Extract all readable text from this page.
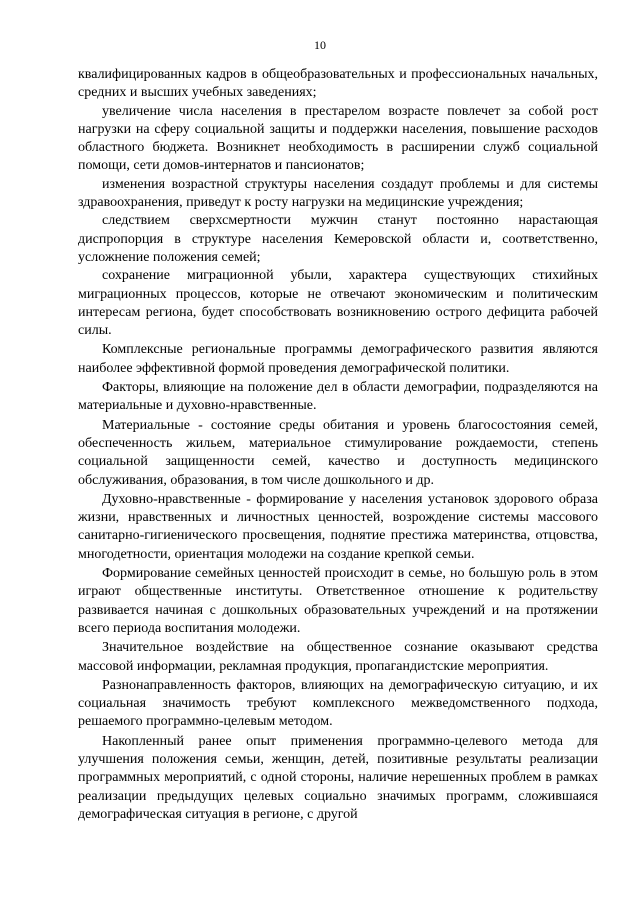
10

квалифицированных кадров в общеобразовательных и профессиональных начальных, средних и высших учебных заведениях;

увеличение числа населения в престарелом возрасте повлечет за собой рост нагрузки на сферу социальной защиты и поддержки населения, повышение расходов областного бюджета. Возникнет необходимость в расширении служб социальной помощи, сети домов-интернатов и пансионатов;

изменения возрастной структуры населения создадут проблемы и для системы здравоохранения, приведут к росту нагрузки на медицинские учреждения;

следствием сверхсмертности мужчин станут постоянно нарастающая диспропорция в структуре населения Кемеровской области и, соответственно, усложнение положения семей;

сохранение миграционной убыли, характера существующих стихийных миграционных процессов, которые не отвечают экономическим и политическим интересам региона, будет способствовать возникновению острого дефицита рабочей силы.

Комплексные региональные программы демографического развития являются наиболее эффективной формой проведения демографической политики.

Факторы, влияющие на положение дел в области демографии, подразделяются на материальные и духовно-нравственные.

Материальные - состояние среды обитания и уровень благосостояния семей, обеспеченность жильем, материальное стимулирование рождаемости, степень социальной защищенности семей, качество и доступность медицинского обслуживания, образования, в том числе дошкольного и др.

Духовно-нравственные - формирование у населения установок здорового образа жизни, нравственных и личностных ценностей, возрождение системы массового санитарно-гигиенического просвещения, поднятие престижа материнства, отцовства, многодетности, ориентация молодежи на создание крепкой семьи.

Формирование семейных ценностей происходит в семье, но большую роль в этом играют общественные институты. Ответственное отношение к родительству развивается начиная с дошкольных образовательных учреждений и на протяжении всего периода воспитания молодежи.

Значительное воздействие на общественное сознание оказывают средства массовой информации, рекламная продукция, пропагандистские мероприятия.

Разнонаправленность факторов, влияющих на демографическую ситуацию, и их социальная значимость требуют комплексного межведомственного подхода, решаемого программно-целевым методом.

Накопленный ранее опыт применения программно-целевого метода для улучшения положения семьи, женщин, детей, позитивные результаты реализации программных мероприятий, с одной стороны, наличие нерешенных проблем в рамках реализации предыдущих целевых социально значимых программ, сложившаяся демографическая ситуация в регионе, с другой
